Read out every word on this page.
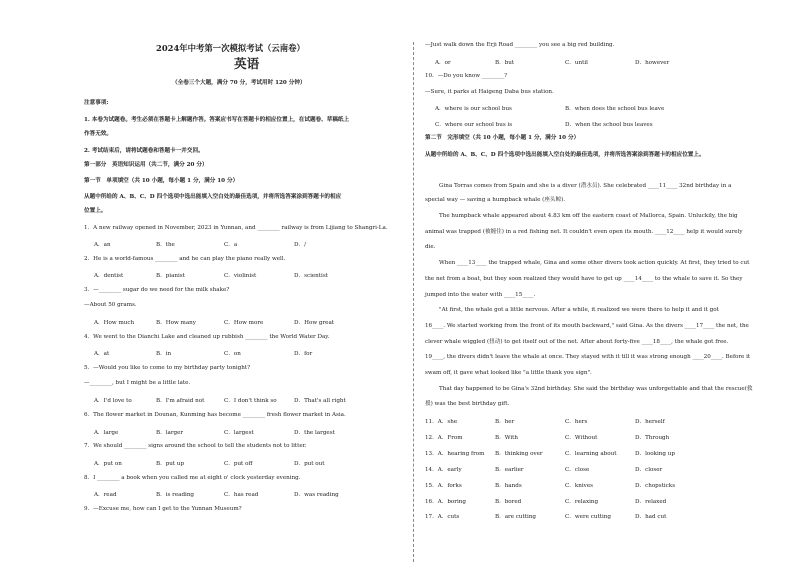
2024年中考第一次模拟考试（云南卷）
英语
（全卷三个大题，满分 70 分，考试用时 120 分钟）
注意事项:
1. 本卷为试题卷。考生必须在答题卡上解题作答。答案应书写在答题卡的相应位置上，在试题卷、草稿纸上
作答无效。
2. 考试结束后，请将试题卷和答题卡一并交回。
第一部分　英语知识运用（共二节，满分 20 分）
第一节　单项填空（共 10 小题，每小题 1 分，满分 10 分）
从题中所给的 A、B、C、D 四个选项中选出能填入空白处的最佳选项，并将所选答案涂到答题卡的相应
位置上。
1．A new railway opened in November, 2023 in Yunnan, and ________ railway is from Lijiang to Shangri-La.
A．an	B．the	C．a	D．/
2．He is a world-famous ________ and he can play the piano really well.
A．dentist	B．pianist	C．violinist	D．scientist
3．—________ sugar do we need for the milk shake?
—About 50 grams.
A．How much	B．How many	C．How more	D．How great
4．We went to the Dianchi Lake and cleaned up rubbish ________ the World Water Day.
A．at	B．in	C．on	D．for
5．—Would you like to come to my birthday party tonight?
—________, but I might be a little late.
A．I'd love to	B．I'm afraid not	C．I don't think so	D．That's all right
6．The flower market in Dounan, Kunming has become ________ fresh flower market in Asia.
A．large	B．larger	C．largest	D．the largest
7．We should ________ signs around the school to tell the students not to litter.
A．put on	B．put up	C．put off	D．put out
8．I ________ a book when you called me at eight o' clock yesterday evening.
A．read	B．is reading	C．has read	D．was reading
9．—Excuse me, how can I get to the Yunnan Museum?
—Just walk down the Erji Road ________ you see a big red building.
A．or	B．but	C．until	D．however
10．—Do you know ________?
—Sure, it parks at Haigeng Daba bus station.
A．where is our school bus	B．when does the school bus leave
C．where our school bus is	D．when the school bus leaves
第二节　完形填空（共 10 小题，每小题 1 分，满分 10 分）
从题中所给的 A、B、C、D 四个选项中选出能填入空白处的最佳选项，并将所选答案涂到答题卡的相应位置上。
Gina Torras comes from Spain and she is a diver (潜水员). She celebrated ____11____ 32nd birthday in a
special way — saving a humpback whale (座头鲸).
The humpback whale appeared about 4.83 km off the eastern coast of Mallorca, Spain. Unluckily, the big
animal was trapped (被缠住) in a red fishing net. It couldn't even open its mouth. ____12____ help it would surely
die.
When ____13____ the trapped whale, Gina and some other divers took action quickly. At first, they tried to cut
the net from a boat, but they soon realized they would have to get up ____14____ to the whale to save it. So they
jumped into the water with ____15____.
"At first, the whale got a little nervous. After a while, it realized we were there to help it and it got
16____. We started working from the front of its mouth backward," said Gina. As the divers ____17____ the net, the
clever whale wiggled (扭动) to get itself out of the net. After about forty-five ____18____, the whale got free.
19____, the divers didn't leave the whale at once. They stayed with it till it was strong enough ____20____. Before it
swam off, it gave what looked like "a little thank you sign".
That day happened to be Gina's 32nd birthday. She said the birthday was unforgettable and that the rescue(救
援) was the best birthday gift.
11．A．she	B．her	C．hers	D．herself
12．A．From	B．With	C．Without	D．Through
13．A．hearing from B．thinking over	C．learning about	D．looking up
14．A．early	B．earlier	C．close	D．closer
15．A．forks	B．hands	C．knives	D．chopsticks
16．A．boring	B．bored	C．relaxing	D．relaxed
17．A．cuts	B．are cutting	C．were cutting	D．had cut
